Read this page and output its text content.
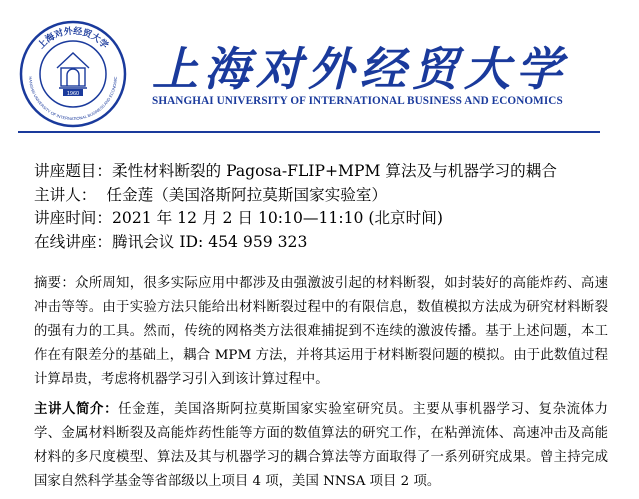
上海对外经贸大学
HANGHAI UNIVERSITY OF INTERNATIONAL BUSINESS AND ECONOMIC
1960 上海对外经贸大学
SHANGHAI UNIVERSITY OF INTERNATIONAL BUSINESS AND ECONOMICS
讲座题目：柔性材料断裂的 Pagosa-FLIP+MPM 算法及与机器学习的耦合
主讲人： 任金莲（美国洛斯阿拉莫斯国家实验室）
讲座时间：2021 年 12 月 2 日 10:10—11:10 (北京时间)
在线讲座：腾讯会议 ID: 454 959 323
摘要：众所周知，很多实际应用中都涉及由强激波引起的材料断裂，如封装好的高能炸药、高速冲击等等。由于实验方法只能给出材料断裂过程中的有限信息，数值模拟方法成为研究材料断裂的强有力的工具。然而，传统的网格类方法很难捕捉到不连续的激波传播。基于上述问题，本工作在有限差分的基础上，耦合 MPM 方法，并将其运用于材料断裂问题的模拟。由于此数值过程计算昂贵，考虑将机器学习引入到该计算过程中。
主讲人简介：任金莲，美国洛斯阿拉莫斯国家实验室研究员。主要从事机器学习、复杂流体力学、金属材料断裂及高能炸药性能等方面的数值算法的研究工作，在粘弹流体、高速冲击及高能材料的多尺度模型、算法及其与机器学习的耦合算法等方面取得了一系列研究成果。曾主持完成国家自然科学基金等省部级以上项目 4 项，美国 NNSA 项目 2 项。
